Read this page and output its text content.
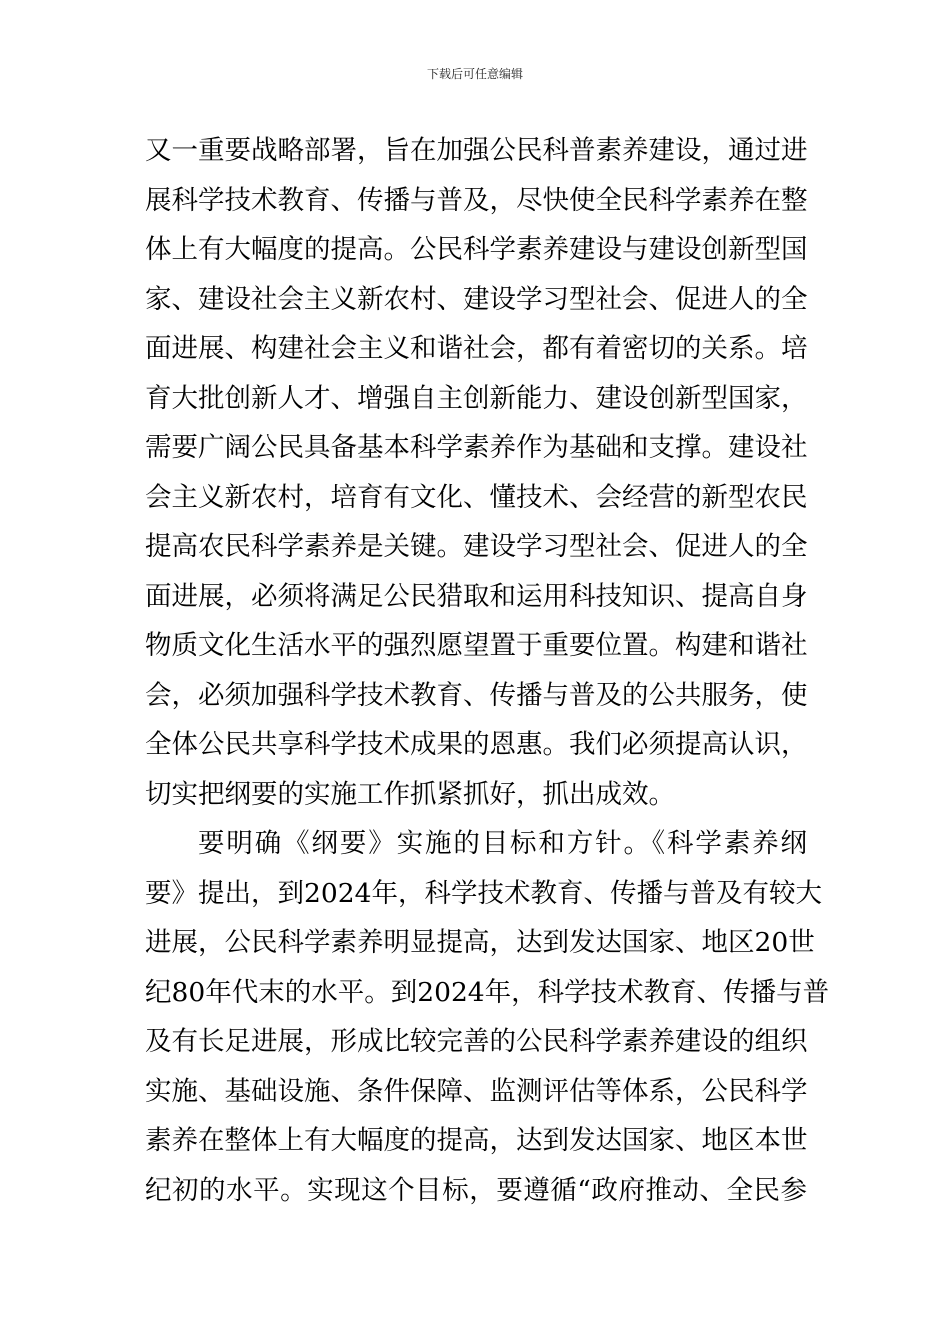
下载后可任意编辑
又一重要战略部署，旨在加强公民科普素养建设，通过进
展科学技术教育、传播与普及，尽快使全民科学素养在整
体上有大幅度的提高。公民科学素养建设与建设创新型国
家、建设社会主义新农村、建设学习型社会、促进人的全
面进展、构建社会主义和谐社会，都有着密切的关系。培
育大批创新人才、增强自主创新能力、建设创新型国家，
需要广阔公民具备基本科学素养作为基础和支撑。建设社
会主义新农村，培育有文化、懂技术、会经营的新型农民
提高农民科学素养是关键。建设学习型社会、促进人的全
面进展，必须将满足公民猎取和运用科技知识、提高自身
物质文化生活水平的强烈愿望置于重要位置。构建和谐社
会，必须加强科学技术教育、传播与普及的公共服务，使
全体公民共享科学技术成果的恩惠。我们必须提高认识，
切实把纲要的实施工作抓紧抓好，抓出成效。
要明确《纲要》实施的目标和方针。《科学素养纲
要》提出，到2024年，科学技术教育、传播与普及有较大
进展，公民科学素养明显提高，达到发达国家、地区20世
纪80年代末的水平。到2024年，科学技术教育、传播与普
及有长足进展，形成比较完善的公民科学素养建设的组织
实施、基础设施、条件保障、监测评估等体系，公民科学
素养在整体上有大幅度的提高，达到发达国家、地区本世
纪初的水平。实现这个目标，要遵循“政府推动、全民参
